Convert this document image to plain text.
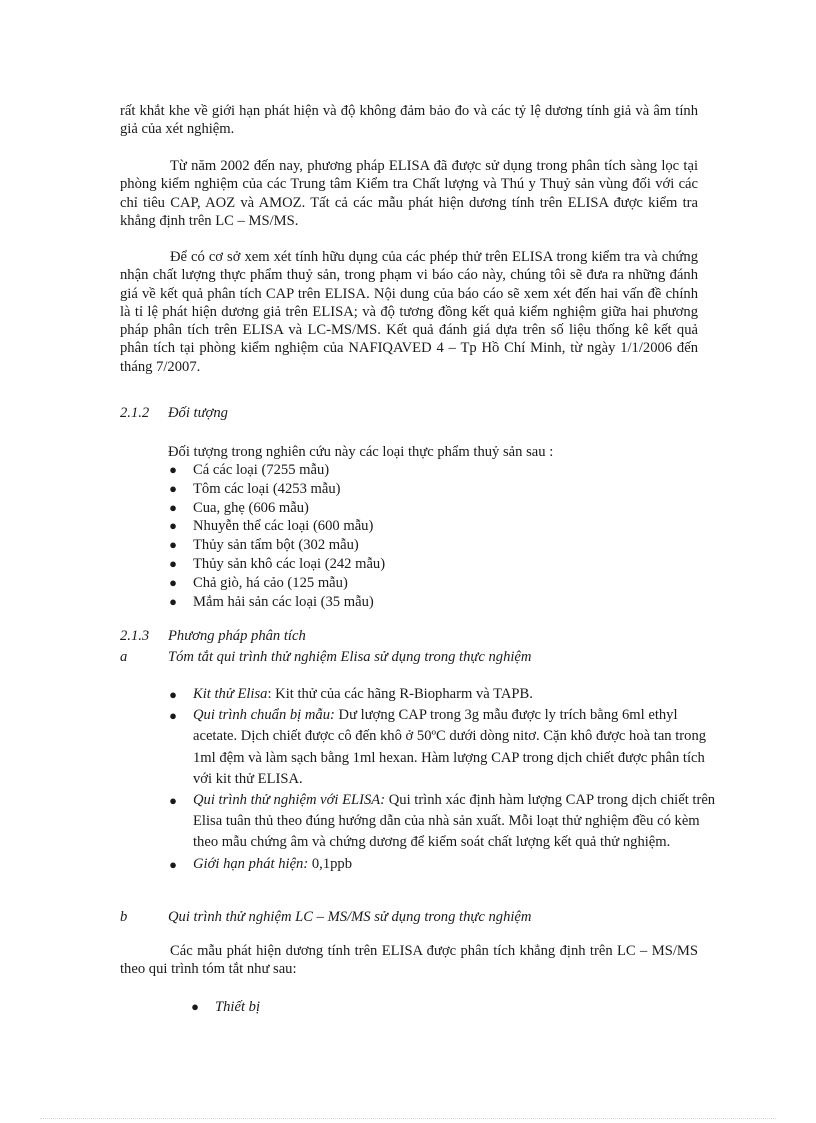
rất khắt khe về giới hạn phát hiện và độ không đảm bảo đo và các tỷ lệ dương tính giả và âm tính giả của xét nghiệm.

Từ năm 2002 đến nay, phương pháp ELISA đã được sử dụng trong phân tích sàng lọc tại phòng kiểm nghiệm của các Trung tâm Kiểm tra Chất lượng và Thú y Thuỷ sản vùng đối với các chỉ tiêu CAP, AOZ và AMOZ. Tất cả các mẫu phát hiện dương tính trên ELISA được kiểm tra khẳng định trên LC – MS/MS.

Để có cơ sở xem xét tính hữu dụng của các phép thử trên ELISA trong kiểm tra và chứng nhận chất lượng thực phẩm thuỷ sản, trong phạm vi báo cáo này, chúng tôi sẽ đưa ra những đánh giá về kết quả phân tích CAP trên ELISA. Nội dung của báo cáo sẽ xem xét đến hai vấn đề chính là tỉ lệ phát hiện dương giả trên ELISA; và độ tương đồng kết quả kiểm nghiệm giữa hai phương pháp phân tích trên ELISA và LC-MS/MS. Kết quả đánh giá dựa trên số liệu thống kê kết quả phân tích tại phòng kiểm nghiệm của NAFIQAVED 4 – Tp Hồ Chí Minh, từ ngày 1/1/2006 đến tháng 7/2007.

2.1.2 Đối tượng

Đối tượng trong nghiên cứu này các loại thực phẩm thuỷ sản sau :

● Cá các loại (7255 mẫu)
● Tôm các loại (4253 mẫu)
● Cua, ghẹ (606 mẫu)
● Nhuyễn thể các loại (600 mẫu)
● Thủy sản tẩm bột (302 mẫu)
● Thủy sản khô các loại (242 mẫu)
● Chả giò, há cảo (125 mẫu)
● Mắm hải sản các loại (35 mẫu)
2.1.3 Phương pháp phân tích
a	Tóm tắt qui trình thử nghiệm Elisa sử dụng trong thực nghiệm
● Kit thử Elisa: Kit thử của các hãng R-Biopharm và TAPB.
● Qui trình chuẩn bị mẫu: Dư lượng CAP trong 3g mẫu được ly trích bằng 6ml ethyl acetate. Dịch chiết được cô đến khô ở 50ºC dưới dòng nitơ. Cặn khô được hoà tan trong 1ml đệm và làm sạch bằng 1ml hexan. Hàm lượng CAP trong dịch chiết được phân tích với kit thử ELISA.
● Qui trình thử nghiệm với ELISA: Qui trình xác định hàm lượng CAP trong dịch chiết trên Elisa tuân thủ theo đúng hướng dẫn của nhà sản xuất. Mỗi loạt thử nghiệm đều có kèm theo mẫu chứng âm và chứng dương để kiểm soát chất lượng kết quả thử nghiệm.
● Giới hạn phát hiện: 0,1ppb
b	Qui trình thử nghiệm LC – MS/MS sử dụng trong thực nghiệm

Các mẫu phát hiện dương tính trên ELISA được phân tích khẳng định trên LC – MS/MS theo qui trình tóm tắt như sau:

● Thiết bị
